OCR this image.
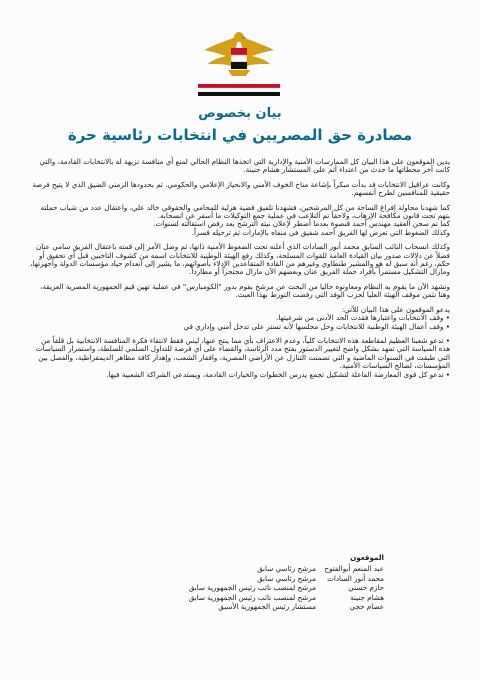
بيان بخصوص
مصادرة حق المصريين في انتخابات رئاسية حرة

يدين الموقعون على هذا البيان كل الممارسات الأمنية والإدارية التي اتخذها النظام الحالي لمنع أي منافسة نزيهة له بالانتخابات القادمة، والتي كانت آخر محطاتها ما حدث من اعتداء أثم على المستشار هشام جنينة.

وكانت عراقيل الانتخابات قد بدأت مبكراً بإشاعة مناخ الخوف الأمني والانحياز الإعلامي والحكومي، ثم بحدودها الزمني الضيق الذي لا يتيح فرصة حقيقية للمنافسين لطرح أنفسهم.

كما شهدنا محاولة إفراغ الساحة من كل المرشحين، فشهدنا تلفيق قضية هزلية للمحامي والحقوقي خالد علي، واعتقال عدد من شباب حملته بتهم تحت قانون مكافحة الإرهاب، ولاحقاً تم التلاعب في عملية جمع التوكيلات ما أسفر عن انسحابه.

كما تم سجن العقيد مهندس أحمد قنصوة بعدما أضطر لإعلان نيته الترشح بعد رفض استقالته لسنوات.

وكذلك الضغوط التي تعرض لها الفريق أحمد شفيق في منفاه بالإمارات ثم ترحيله قسراً.

وكذلك انسحاب النائب السابق محمد أنور السادات الذي أعلنه تحت الضغوط الأمنية ذاتها، ثم وصل الأمر إلى قمته باعتقال الفريق سامي عنان فضلاً عن دلالات صدور بيان القيادة العامة للقوات المسلحة، وكذلك رفع الهيئة الوطنية للانتخابات اسمه من كشوف الناخبين قبل أي تحقيق أو حكم، رغم أنه سبق له هو والمشير طنطاوي وغيرهم من القادة المتقاعدين الإدلاء بأصواتهم، ما يشير إلى انعدام حياد مؤسسات الدولة وأجهزتها، ومازال التشكيل مستمراً بأفراد حملة الفريق عنان وبعضهم الآن مازال محتجزاً أو مطارداً.

ونشهد الآن ما يقوم به النظام ومعاونوه حاليا من البحث عن مرشح يقوم بدور "الكومبارس" في عملية تهين قيم الجمهورية المصرية العريقة، وهنا نثمن موقف الهيئة العليا لحزب الوفد التي رفضت التورط بهذا العبث.

يدعو الموقعون على هذا البيان للآتي:

• وقف الانتخابات واعتبارها فقدت الحد الأدنى من شرعيتها.
• وقف أعمال الهيئة الوطنية للانتخابات وحل مجلسها لأنه تستر على تدخل أمني وإداري في

• ندعو شعبنا العظيم لمقاطعة هذه الانتخابات كلياً، وعدم الاعتراف بأي مما ينتج عنها، ليس فقط لانتفاء فكرة المنافسة الانتخابية بل قلقاً من هذه السياسة التي تمهد بشكل واضح لتغيير الدستور بفتح مدد الرئاسة، والقضاء على أي فرصة للتداول السلمي للسلطة، واستمرار السياسات التي طبقت في السنوات الماضية و التي تضمنت التنازل عن الأراضي المصرية، وافقار الشعب، وإهدار كافة مظاهر الديمقراطية، والفصل بين المؤسسات، لصالح السياسات الأمنية.

• ندعو كل قوى المعارضة الفاعلة لتشكيل تجمع يدرس الخطوات والخيارات القادمة، ويستدعي الشراكة الشعبية فيها.

الموقعون
عبد المنعم أبوالفتوح
مرشح رئاسي سابق
محمد أنور السادات
مرشح رئاسي سابق
حازم حسني
مرشح لمنصب نائب رئيس الجمهورية سابق
هشام جنينة
مرشح لمنصب نائب رئيس الجمهورية سابق
عصام حجي
مستشار رئيس الجمهورية الأسبق
